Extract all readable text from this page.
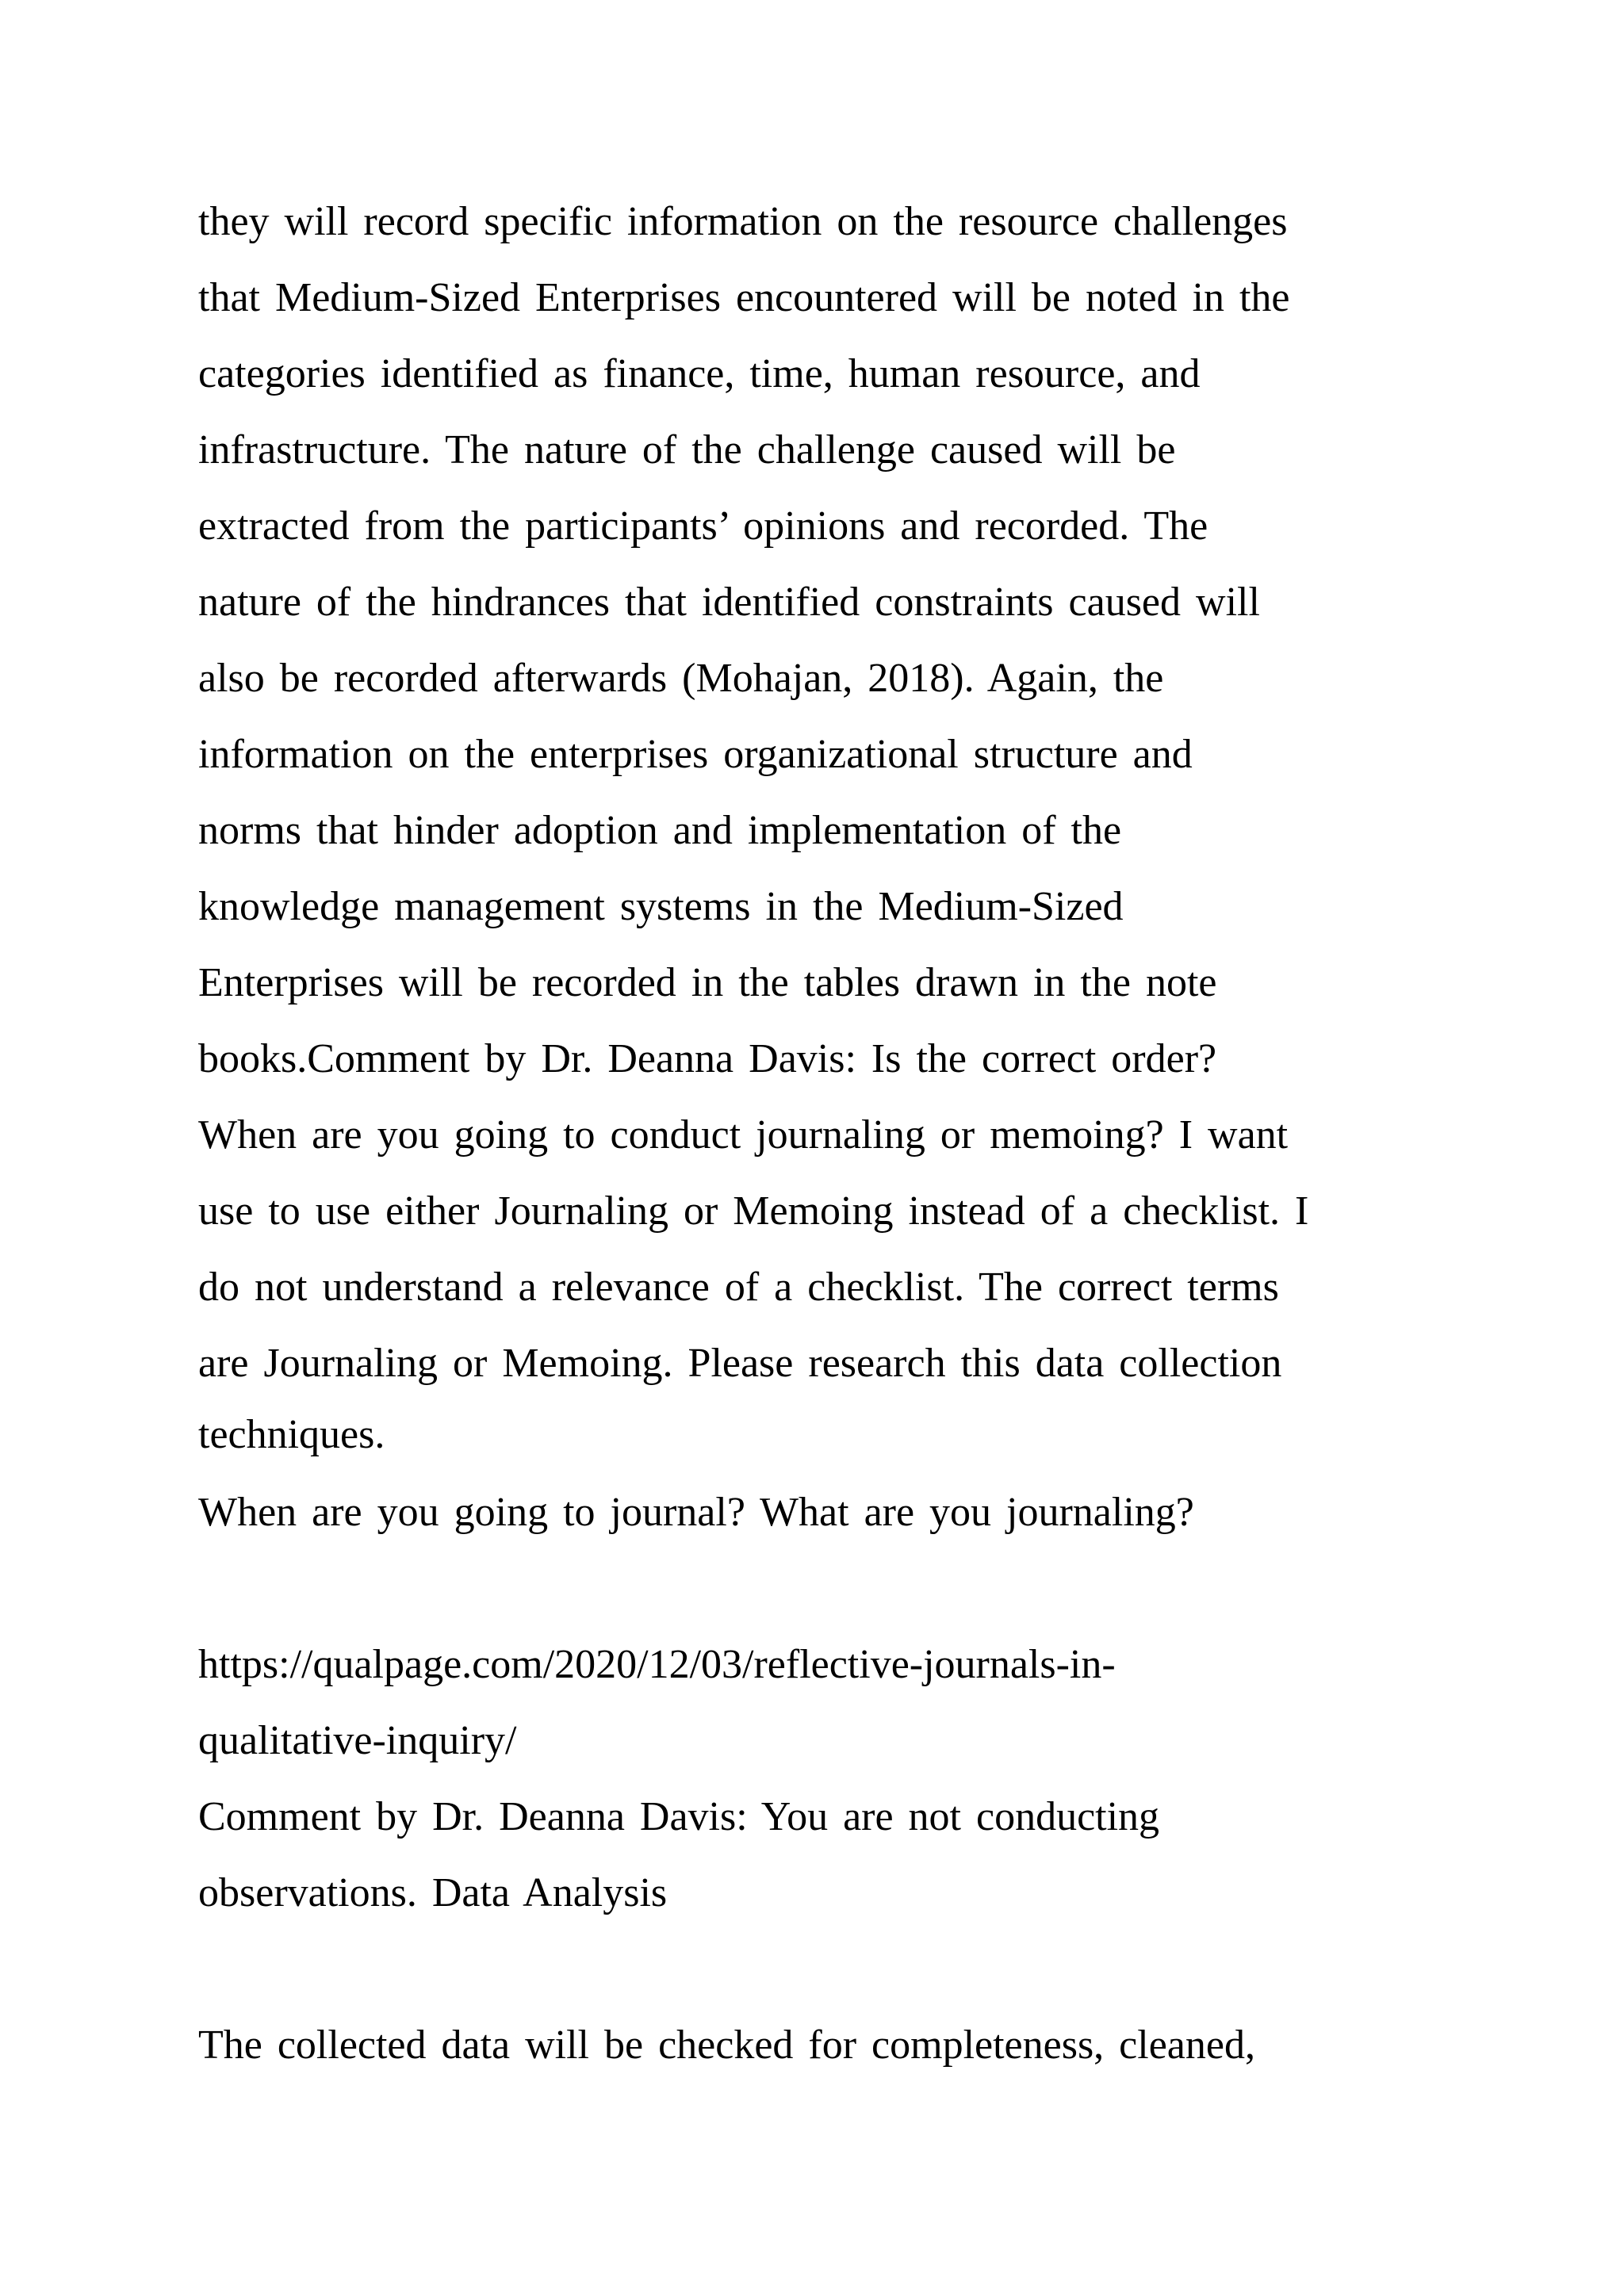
they will record specific information on the resource challenges
that Medium-Sized Enterprises encountered will be noted in the
categories identified as finance, time, human resource, and
infrastructure. The nature of the challenge caused will be
extracted from the participants’ opinions and recorded. The
nature of the hindrances that identified constraints caused will
also be recorded afterwards (Mohajan, 2018). Again, the
information on the enterprises organizational structure and
norms that hinder adoption and implementation of the
knowledge management systems in the Medium-Sized
Enterprises will be recorded in the tables drawn in the note
books.Comment by Dr. Deanna Davis: Is the correct order?
When are you going to conduct journaling or memoing? I want
use to use either Journaling or Memoing instead of a checklist. I
do not understand a relevance of a checklist. The correct terms
are Journaling or Memoing. Please research this data collection
techniques.
When are you going to journal? What are you journaling?
https://qualpage.com/2020/12/03/reflective-journals-in-
qualitative-inquiry/
Comment by Dr. Deanna Davis: You are not conducting
observations. Data Analysis
The collected data will be checked for completeness, cleaned,
